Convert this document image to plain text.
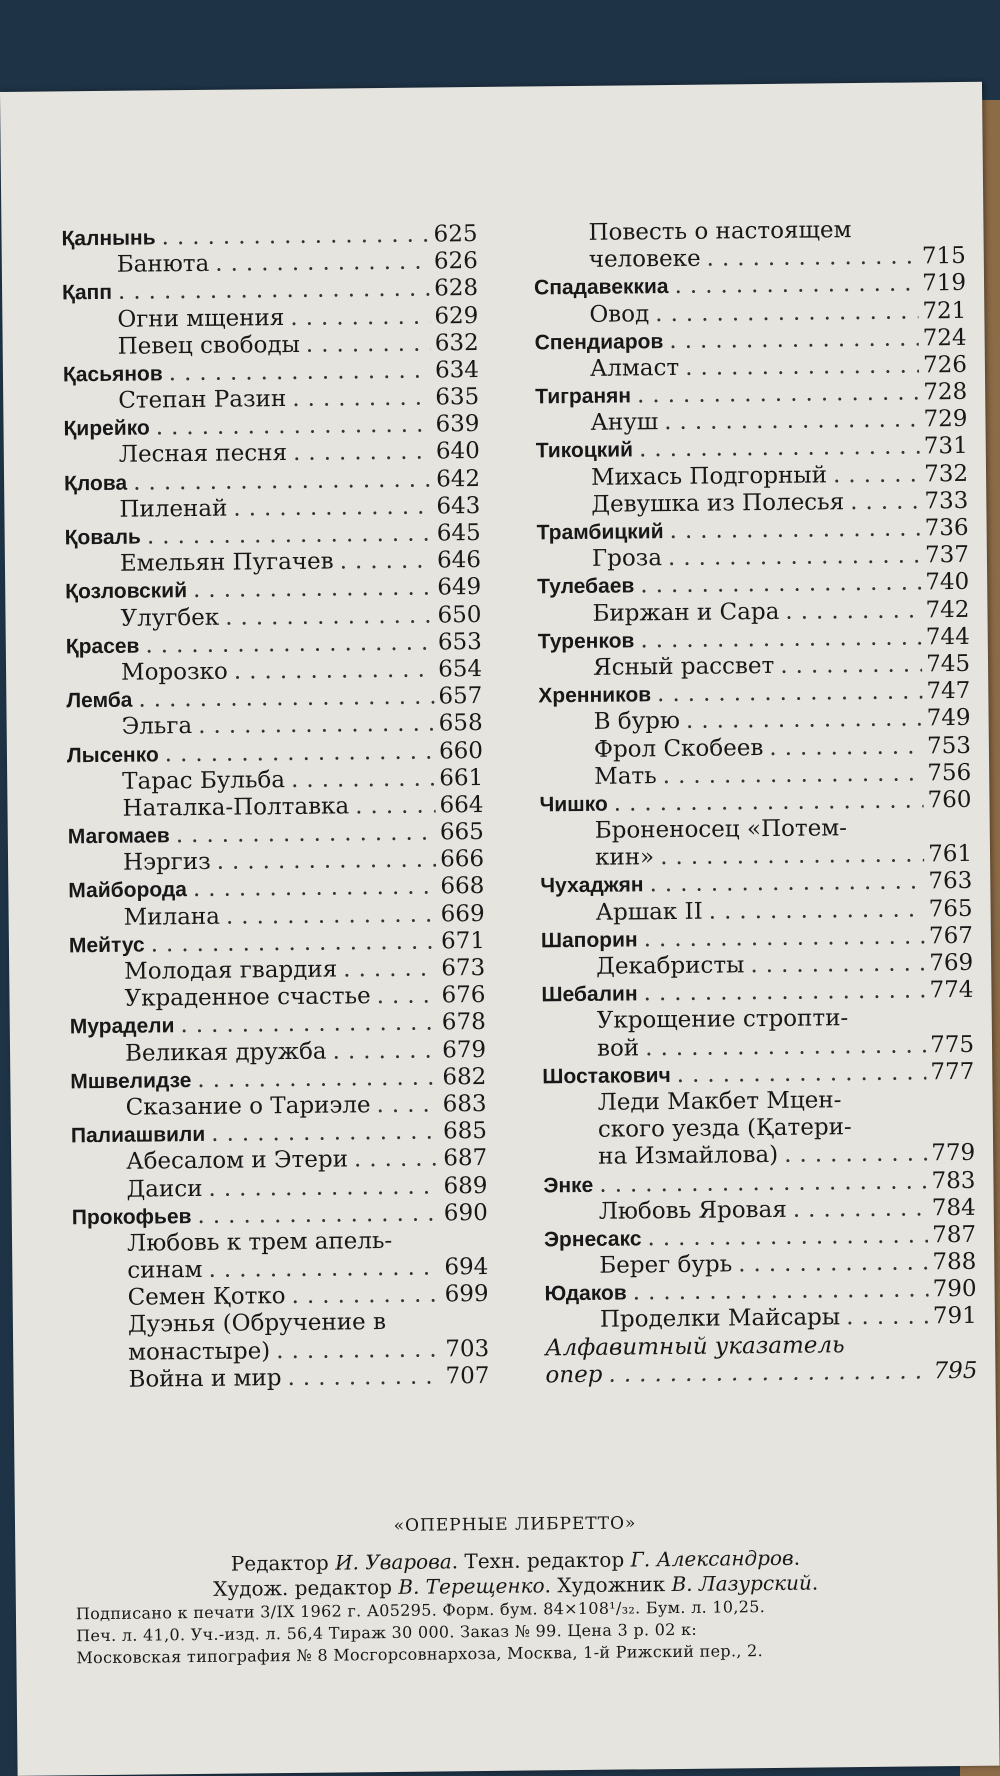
Қалнынь .....	625
Банюта .....	626
Қапп .....	628
Огни мщения .....	629
Певец свободы .....	632
Қасьянов .....	634
Степан Разин .....	635
Қирейко .....	639
Лесная песня .....	640
Қлова .....	642
Пиленай .....	643
Қоваль .....	645
Емельян Пугачев .....	646
Қозловский .....	649
Улугбек .....	650
Қрасев .....	653
Морозко .....	654
Лемба .....	657
Эльга .....	658
Лысенко .....	660
Тарас Бульба .....	661
Наталка-Полтавка .....	664
Магомаев .....	665
Нэргиз .....	666
Майборода .....	668
Милана .....	669
Мейтус .....	671
Молодая гвардия .....	673
Украденное счастье .....	676
Мурадели .....	678
Великая дружба .....	679
Мшвелидзе .....	682
Сказание о Тариэле .....	683
Палиашвили .....	685
Абесалом и Этери .....	687
Даиси .....	689
Прокофьев .....	690
Любовь к трем апель-
синам .....	694
Семен Қотко .....	699
Дуэнья (Обручение в
монастыре) .....	703
Война и мир .....	707
Повесть о настоящем
человеке .....	715
Спадавеккиа .....	719
Овод .....	721
Спендиаров .....	724
Алмаст .....	726
Тигранян .....	728
Ануш .....	729
Тикоцкий .....	731
Михась Подгорный .....	732
Девушка из Полесья .....	733
Трамбицкий .....	736
Гроза .....	737
Тулебаев .....	740
Биржан и Сара .....	742
Туренков .....	744
Ясный рассвет .....	745
Хренников .....	747
В бурю .....	749
Фрол Скобеев .....	753
Мать .....	756
Чишко .....	760
Броненосец «Потем-
кин» .....	761
Чухаджян .....	763
Аршак II .....	765
Шапорин .....	767
Декабристы .....	769
Шебалин .....	774
Укрощение стропти-
вой .....	775
Шостакович .....	777
Леди Макбет Мцен-
ского уезда (Қатери-
на Измайлова) .....	779
Энке .....	783
Любовь Яровая .....	784
Эрнесакс .....	787
Берег бурь .....	788
Юдаков .....	790
Проделки Майсары .....	791
Алфавитный указатель
опер .....	795
«ОПЕРНЫЕ ЛИБРЕТТО»
Редактор И. Уварова. Техн. редактор Г. Александров.
Худож. редактор В. Терещенко. Художник В. Лазурский.
Подписано к печати 3/IX 1962 г. А05295. Форм. бум. 84×108¹/₃₂. Бум. л. 10,25.
Печ. л. 41,0. Уч.-изд. л. 56,4 Тираж 30 000. Заказ № 99. Цена 3 р. 02 к:
Московская типография № 8 Мосгорсовнархоза, Москва, 1-й Рижский пер., 2.
